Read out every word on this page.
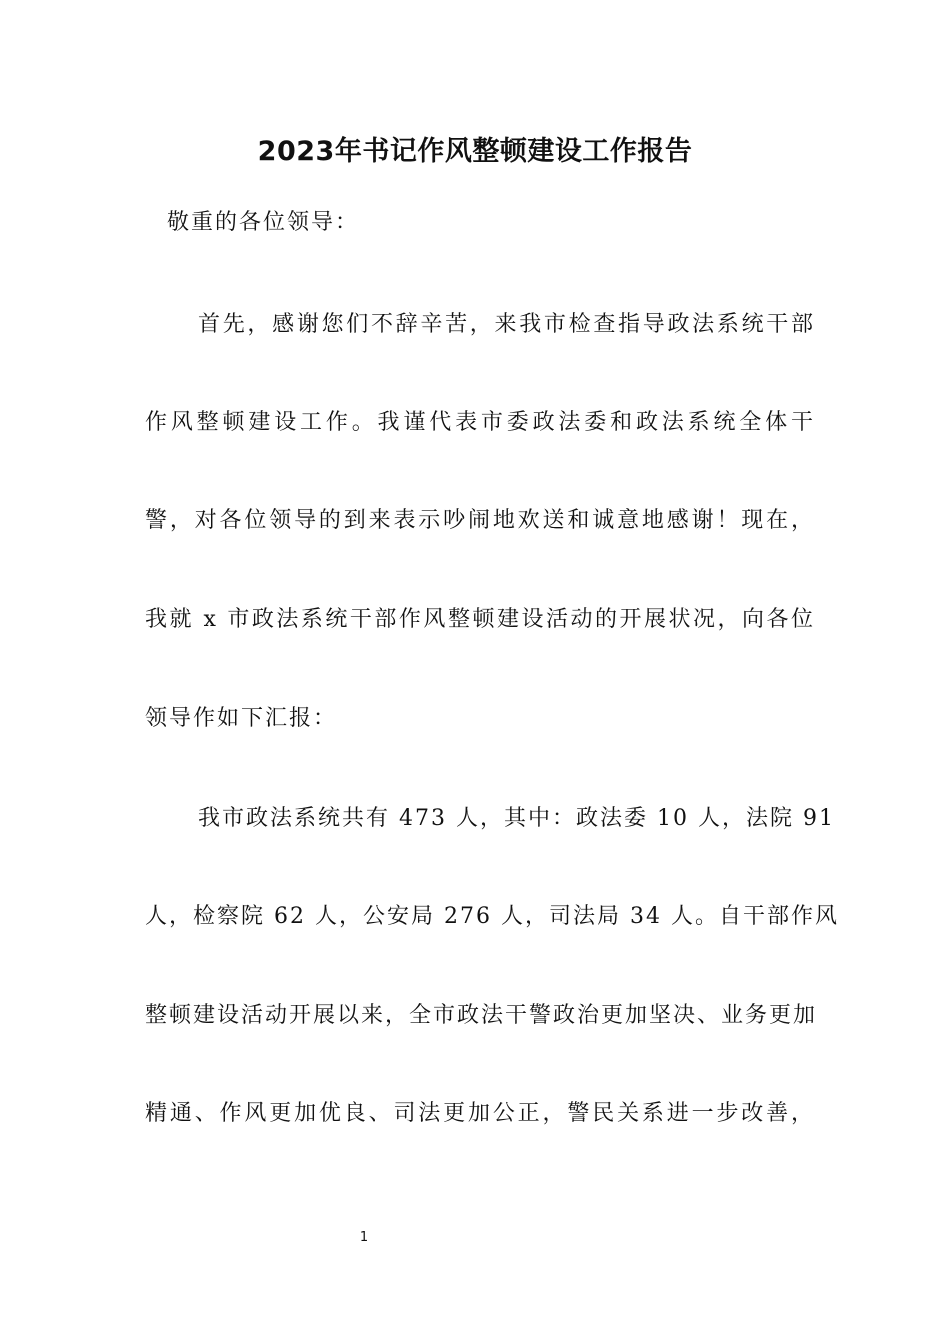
2023年书记作风整顿建设工作报告
敬重的各位领导：
首先，感谢您们不辞辛苦，来我市检查指导政法系统干部
作风整顿建设工作。我谨代表市委政法委和政法系统全体干
警，对各位领导的到来表示吵闹地欢送和诚意地感谢！现在，
我就 x 市政法系统干部作风整顿建设活动的开展状况，向各位
领导作如下汇报：
我市政法系统共有 473 人，其中：政法委 10 人，法院 91
人，检察院 62 人，公安局 276 人，司法局 34 人。自干部作风
整顿建设活动开展以来，全市政法干警政治更加坚决、业务更加
精通、作风更加优良、司法更加公正，警民关系进一步改善，
1
